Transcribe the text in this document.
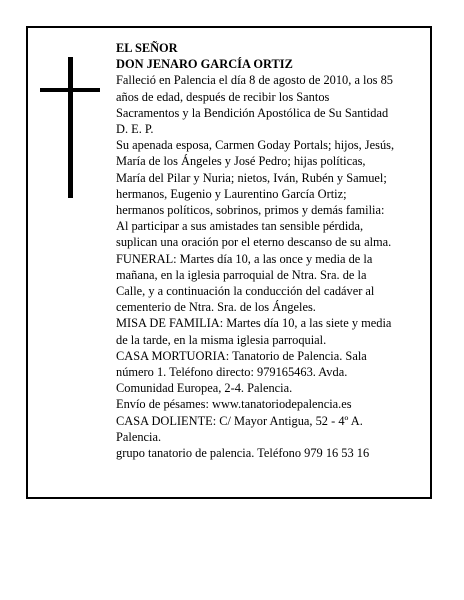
EL SEÑOR
DON JENARO GARCÍA ORTIZ
Falleció en Palencia el día 8 de agosto de 2010, a los 85
años de edad, después de recibir los Santos
Sacramentos y la Bendición Apostólica de Su Santidad
D. E. P.
Su apenada esposa, Carmen Goday Portals; hijos, Jesús,
María de los Ángeles y José Pedro; hijas políticas,
María del Pilar y Nuria; nietos, Iván, Rubén y Samuel;
hermanos, Eugenio y Laurentino García Ortiz;
hermanos políticos, sobrinos, primos y demás familia:
Al participar a sus amistades tan sensible pérdida,
suplican una oración por el eterno descanso de su alma.
FUNERAL: Martes día 10, a las once y media de la
mañana, en la iglesia parroquial de Ntra. Sra. de la
Calle, y a continuación la conducción del cadáver al
cementerio de Ntra. Sra. de los Ángeles.
MISA DE FAMILIA: Martes día 10, a las siete y media
de la tarde, en la misma iglesia parroquial.
CASA MORTUORIA: Tanatorio de Palencia. Sala
número 1. Teléfono directo: 979165463. Avda.
Comunidad Europea, 2-4. Palencia.
Envío de pésames: www.tanatoriodepalencia.es
CASA DOLIENTE: C/ Mayor Antigua, 52 - 4º A.
Palencia.
grupo tanatorio de palencia. Teléfono 979 16 53 16
